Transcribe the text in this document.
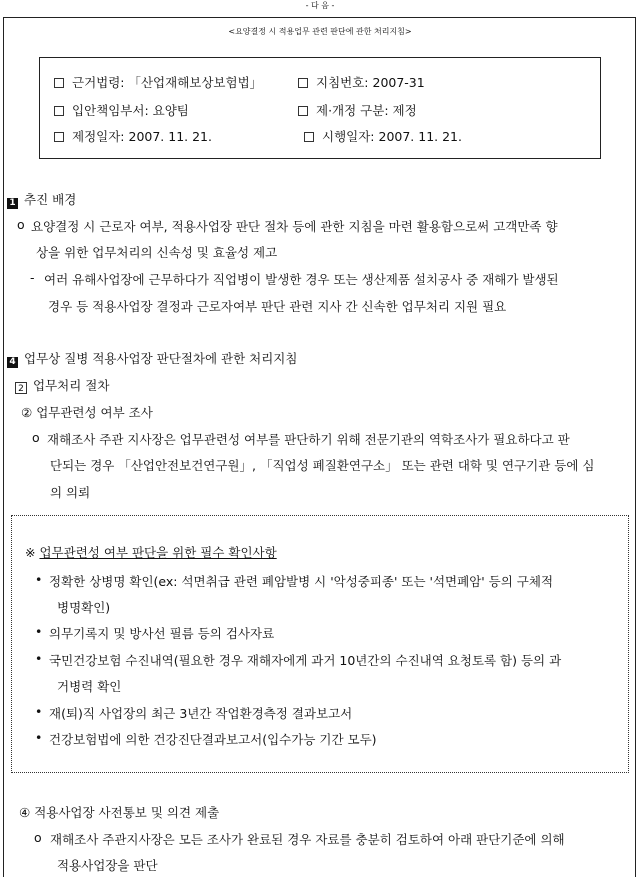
- 다 음 -
<요양결정 시 적용업무 관련 판단에 관한 처리지침>
근거법령: 「산업재해보상보험법」	지침번호: 2007-31
입안책임부서: 요양팀	제·개정 구분: 제정
제정일자: 2007. 11. 21.	시행일자: 2007. 11. 21.
1 추진 배경
o 요양결정 시 근로자 여부, 적용사업장 판단 절차 등에 관한 지침을 마련 활용함으로써 고객만족 향
상을 위한 업무처리의 신속성 및 효율성 제고
- 여러 유해사업장에 근무하다가 직업병이 발생한 경우 또는 생산제품 설치공사 중 재해가 발생된
경우 등 적용사업장 결정과 근로자여부 판단 관련 지사 간 신속한 업무처리 지원 필요
4 업무상 질병 적용사업장 판단절차에 관한 처리지침
2 업무처리 절차
② 업무관련성 여부 조사
o 재해조사 주관 지사장은 업무관련성 여부를 판단하기 위해 전문기관의 역학조사가 필요하다고 판
단되는 경우 「산업안전보건연구원」, 「직업성 폐질환연구소」 또는 관련 대학 및 연구기관 등에 심
의 의뢰
※ 업무관련성 여부 판단을 위한 필수 확인사항
• 정확한 상병명 확인(ex: 석면취급 관련 폐암발병 시 '악성중피종' 또는 '석면폐암' 등의 구체적
병명확인)
• 의무기록지 및 방사선 필름 등의 검사자료
• 국민건강보험 수진내역(필요한 경우 재해자에게 과거 10년간의 수진내역 요청토록 함) 등의 과
거병력 확인
• 재(퇴)직 사업장의 최근 3년간 작업환경측정 결과보고서
• 건강보험법에 의한 건강진단결과보고서(입수가능 기간 모두)
④ 적용사업장 사전통보 및 의견 제출
o 재해조사 주관지사장은 모든 조사가 완료된 경우 자료를 충분히 검토하여 아래 판단기준에 의해
적용사업장을 판단
